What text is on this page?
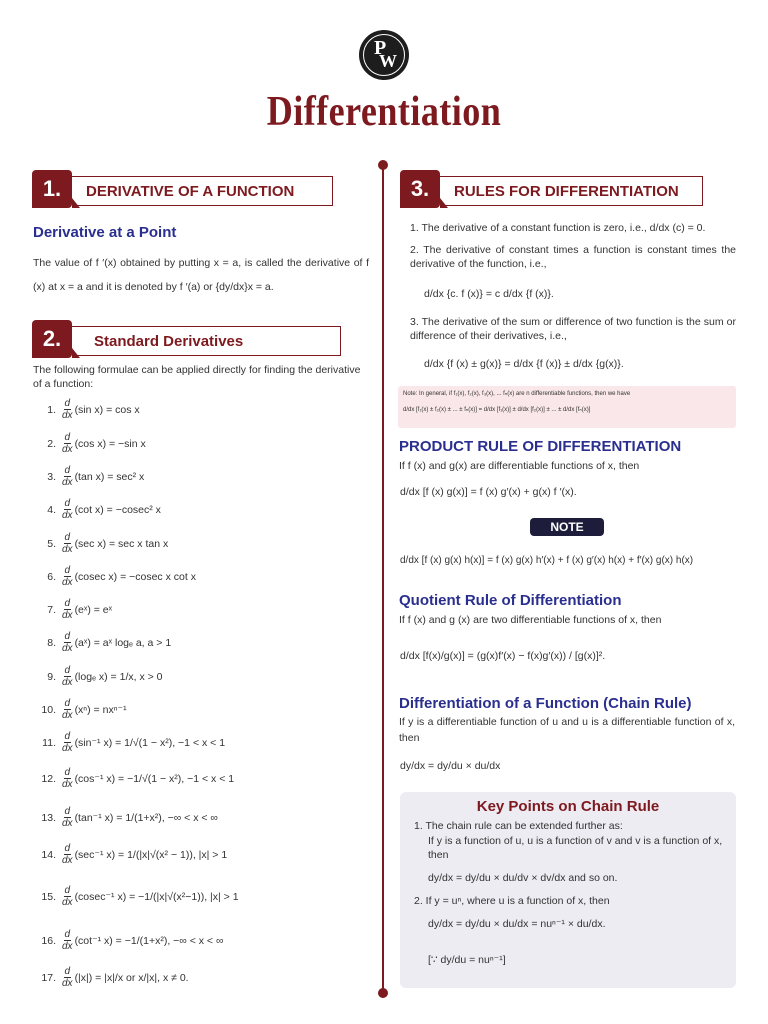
P
W
Differentiation
1.	DERIVATIVE OF A FUNCTION
Derivative at a Point
The value of f ′(x) obtained by putting x = a, is called the derivative of f (x) at x = a and it is denoted by f ′(a) or {dy/dx}x = a.
2.	Standard Derivatives
The following formulae can be applied directly for finding the derivative of a function:
1. d
dx (sin x) = cos x
2. d
dx (cos x) = −sin x
3. d
dx (tan x) = sec² x
4. d
dx (cot x) = −cosec² x
5. d
dx (sec x) = sec x tan x
6. d
dx (cosec x) = −cosec x cot x
7. d
dx (eˣ) = eˣ
8. d
dx (aˣ) = aˣ logₑ a, a > 1
9. d
dx (logₑ x) = 1/x, x > 0
10. d
dx (xⁿ) = nxⁿ⁻¹
11. d
dx (sin⁻¹ x) = 1/√(1 − x²), −1 < x < 1
12. d
dx (cos⁻¹ x) = −1/√(1 − x²), −1 < x < 1
13. d
dx (tan⁻¹ x) = 1/(1+x²), −∞ < x < ∞
14. d
dx (sec⁻¹ x) = 1/(|x|√(x² − 1)), |x| > 1
15. d
dx (cosec⁻¹ x) = −1/(|x|√(x²−1)), |x| > 1
16. d
dx (cot⁻¹ x) = −1/(1+x²), −∞ < x < ∞
17. d
dx (|x|) = |x|/x or x/|x|, x ≠ 0.
3.	RULES FOR DIFFERENTIATION
1. The derivative of a constant function is zero, i.e., d/dx (c) = 0.
2. The derivative of constant times a function is constant times the derivative of the function, i.e.,
d/dx {c. f (x)} = c d/dx {f (x)}.
3. The derivative of the sum or difference of two function is the sum or difference of their derivatives, i.e.,
d/dx {f (x) ± g(x)} = d/dx {f (x)} ± d/dx {g(x)}.
Note: In general, if f₁(x), f₂(x), f₃(x), ... fₙ(x) are n differentiable functions, then we have
d/dx [f₁(x) ± f₂(x) ± ... ± fₙ(x)] = d/dx [f₁(x)] ± d/dx [f₂(x)] ± ... ± d/dx [fₙ(x)]
PRODUCT RULE OF DIFFERENTIATION
If f (x) and g(x) are differentiable functions of x, then
d/dx [f (x) g(x)] = f (x) g′(x) + g(x) f ′(x).
NOTE
d/dx [f (x) g(x) h(x)] = f (x) g(x) h′(x) + f (x) g′(x) h(x) + f′(x) g(x) h(x)
Quotient Rule of Differentiation
If f (x) and g (x) are two differentiable functions of x, then
d/dx [f(x)/g(x)] = (g(x)f′(x) − f(x)g′(x)) / [g(x)]².
Differentiation of a Function (Chain Rule)
If y is a differentiable function of u and u is a differentiable function of x, then
dy/dx = dy/du × du/dx
Key Points on Chain Rule
1. The chain rule can be extended further as:
If y is a function of u, u is a function of v and v is a function of x, then
dy/dx = dy/du × du/dv × dv/dx and so on.
2. If y = uⁿ, where u is a function of x, then
dy/dx = dy/du × du/dx = nuⁿ⁻¹ × du/dx.
[∵ dy/du = nuⁿ⁻¹]
